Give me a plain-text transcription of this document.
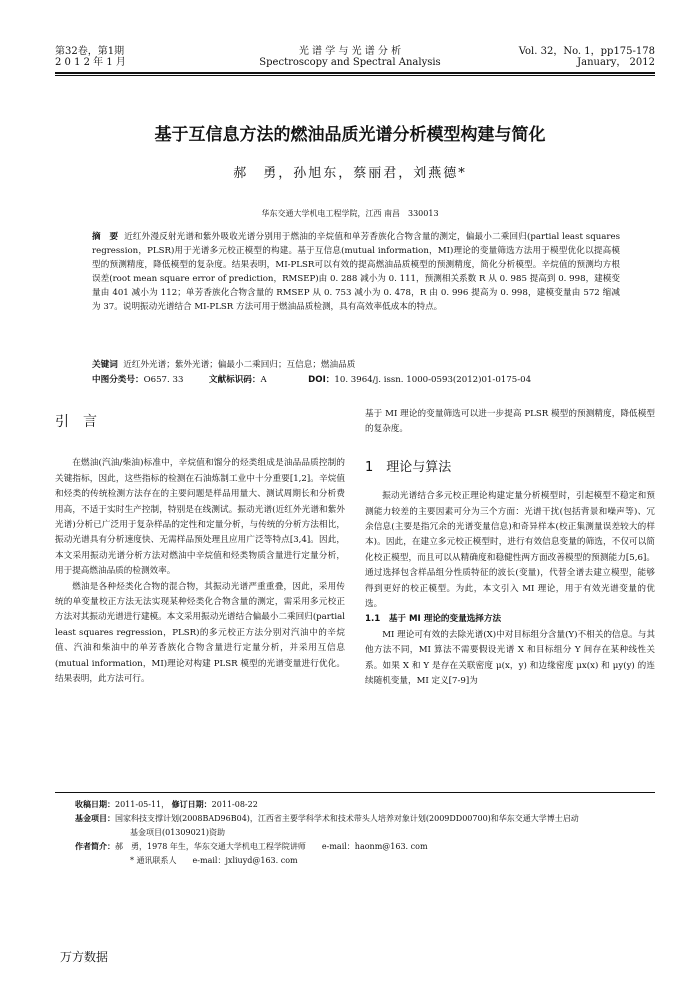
第32卷，第1期
2 0 1 2 年 1 月
光 谱 学 与 光 谱 分 析
Spectroscopy and Spectral Analysis
Vol. 32，No. 1，pp175-178
January， 2012
基于互信息方法的燃油品质光谱分析模型构建与简化
郝　勇，孙旭东，蔡丽君，刘燕德*
华东交通大学机电工程学院，江西 南昌　330013
摘　要 近红外漫反射光谱和紫外吸收光谱分别用于燃油的辛烷值和单芳香族化合物含量的测定，偏最小二乘回归(partial least squares regression，PLSR)用于光谱多元校正模型的构建。基于互信息(mutual information，MI)理论的变量筛选方法用于模型优化以提高模型的预测精度，降低模型的复杂度。结果表明，MI-PLSR可以有效的提高燃油品质模型的预测精度，简化分析模型。辛烷值的预测均方根误差(root mean square error of prediction，RMSEP)由 0. 288 减小为 0. 111，预测相关系数 R 从 0. 985 提高到 0. 998，建模变量由 401 减小为 112；单芳香族化合物含量的 RMSEP 从 0. 753 减小为 0. 478，R 由 0. 996 提高为 0. 998，建模变量由 572 缩减为 37。说明振动光谱结合 MI-PLSR 方法可用于燃油品质检测，具有高效率低成本的特点。
关键词 近红外光谱；紫外光谱；偏最小二乘回归；互信息；燃油品质
中图分类号：O657. 33	文献标识码：A	DOI：10. 3964/j. issn. 1000-0593(2012)01-0175-04
引　言

在燃油(汽油/柴油)标准中，辛烷值和馏分的烃类组成是油品品质控制的关键指标，因此，这些指标的检测在石油炼制工业中十分重要[1,2]。辛烷值和烃类的传统检测方法存在的主要问题是样品用量大、测试周期长和分析费用高，不适于实时生产控制，特别是在线测试。振动光谱(近红外光谱和紫外光谱)分析已广泛用于复杂样品的定性和定量分析，与传统的分析方法相比，振动光谱具有分析速度快、无需样品预处理且应用广泛等特点[3,4]。因此，本文采用振动光谱分析方法对燃油中辛烷值和烃类物质含量进行定量分析，用于提高燃油品质的检测效率。

燃油是各种烃类化合物的混合物，其振动光谱严重重叠，因此，采用传统的单变量校正方法无法实现某种烃类化合物含量的测定，需采用多元校正方法对其振动光谱进行建模。本文采用振动光谱结合偏最小二乘回归(partial least squares regression，PLSR)的多元校正方法分别对汽油中的辛烷值、汽油和柴油中的单芳香族化合物含量进行定量分析，并采用互信息(mutual information，MI)理论对构建 PLSR 模型的光谱变量进行优化。结果表明，此方法可行。

基于 MI 理论的变量筛选可以进一步提高 PLSR 模型的预测精度，降低模型的复杂度。
1　理论与算法

振动光谱结合多元校正理论构建定量分析模型时，引起模型不稳定和预测能力较差的主要因素可分为三个方面：光谱干扰(包括背景和噪声等)、冗余信息(主要是指冗余的光谱变量信息)和奇异样本(校正集测量误差较大的样本)。因此，在建立多元校正模型时，进行有效信息变量的筛选，不仅可以简化校正模型，而且可以从精确度和稳健性两方面改善模型的预测能力[5,6]。通过选择包含样品组分性质特征的波长(变量)，代替全谱去建立模型，能够得到更好的校正模型。为此，本文引入 MI 理论，用于有效光谱变量的优选。

1.1　基于 MI 理论的变量选择方法

MI 理论可有效的去除光谱(X)中对目标组分含量(Y)不相关的信息。与其他方法不同，MI 算法不需要假设光谱 X 和目标组分 Y 间存在某种线性关系。如果 X 和 Y 是存在关联密度 μ(x，y) 和边缘密度 μx(x) 和 μy(y) 的连续随机变量，MI 定义[7-9]为

收稿日期：2011-05-11， 修订日期：2011-08-22
基金项目：国家科技支撑计划(2008BAD96B04)，江西省主要学科学术和技术带头人培养对象计划(2009DD00700)和华东交通大学博士启动
基金项目(01309021)资助
作者简介：郝　勇，1978 年生，华东交通大学机电工程学院讲师　　e-mail：haonm@163. com
* 通讯联系人　　e-mail：jxliuyd@163. com
万方数据
